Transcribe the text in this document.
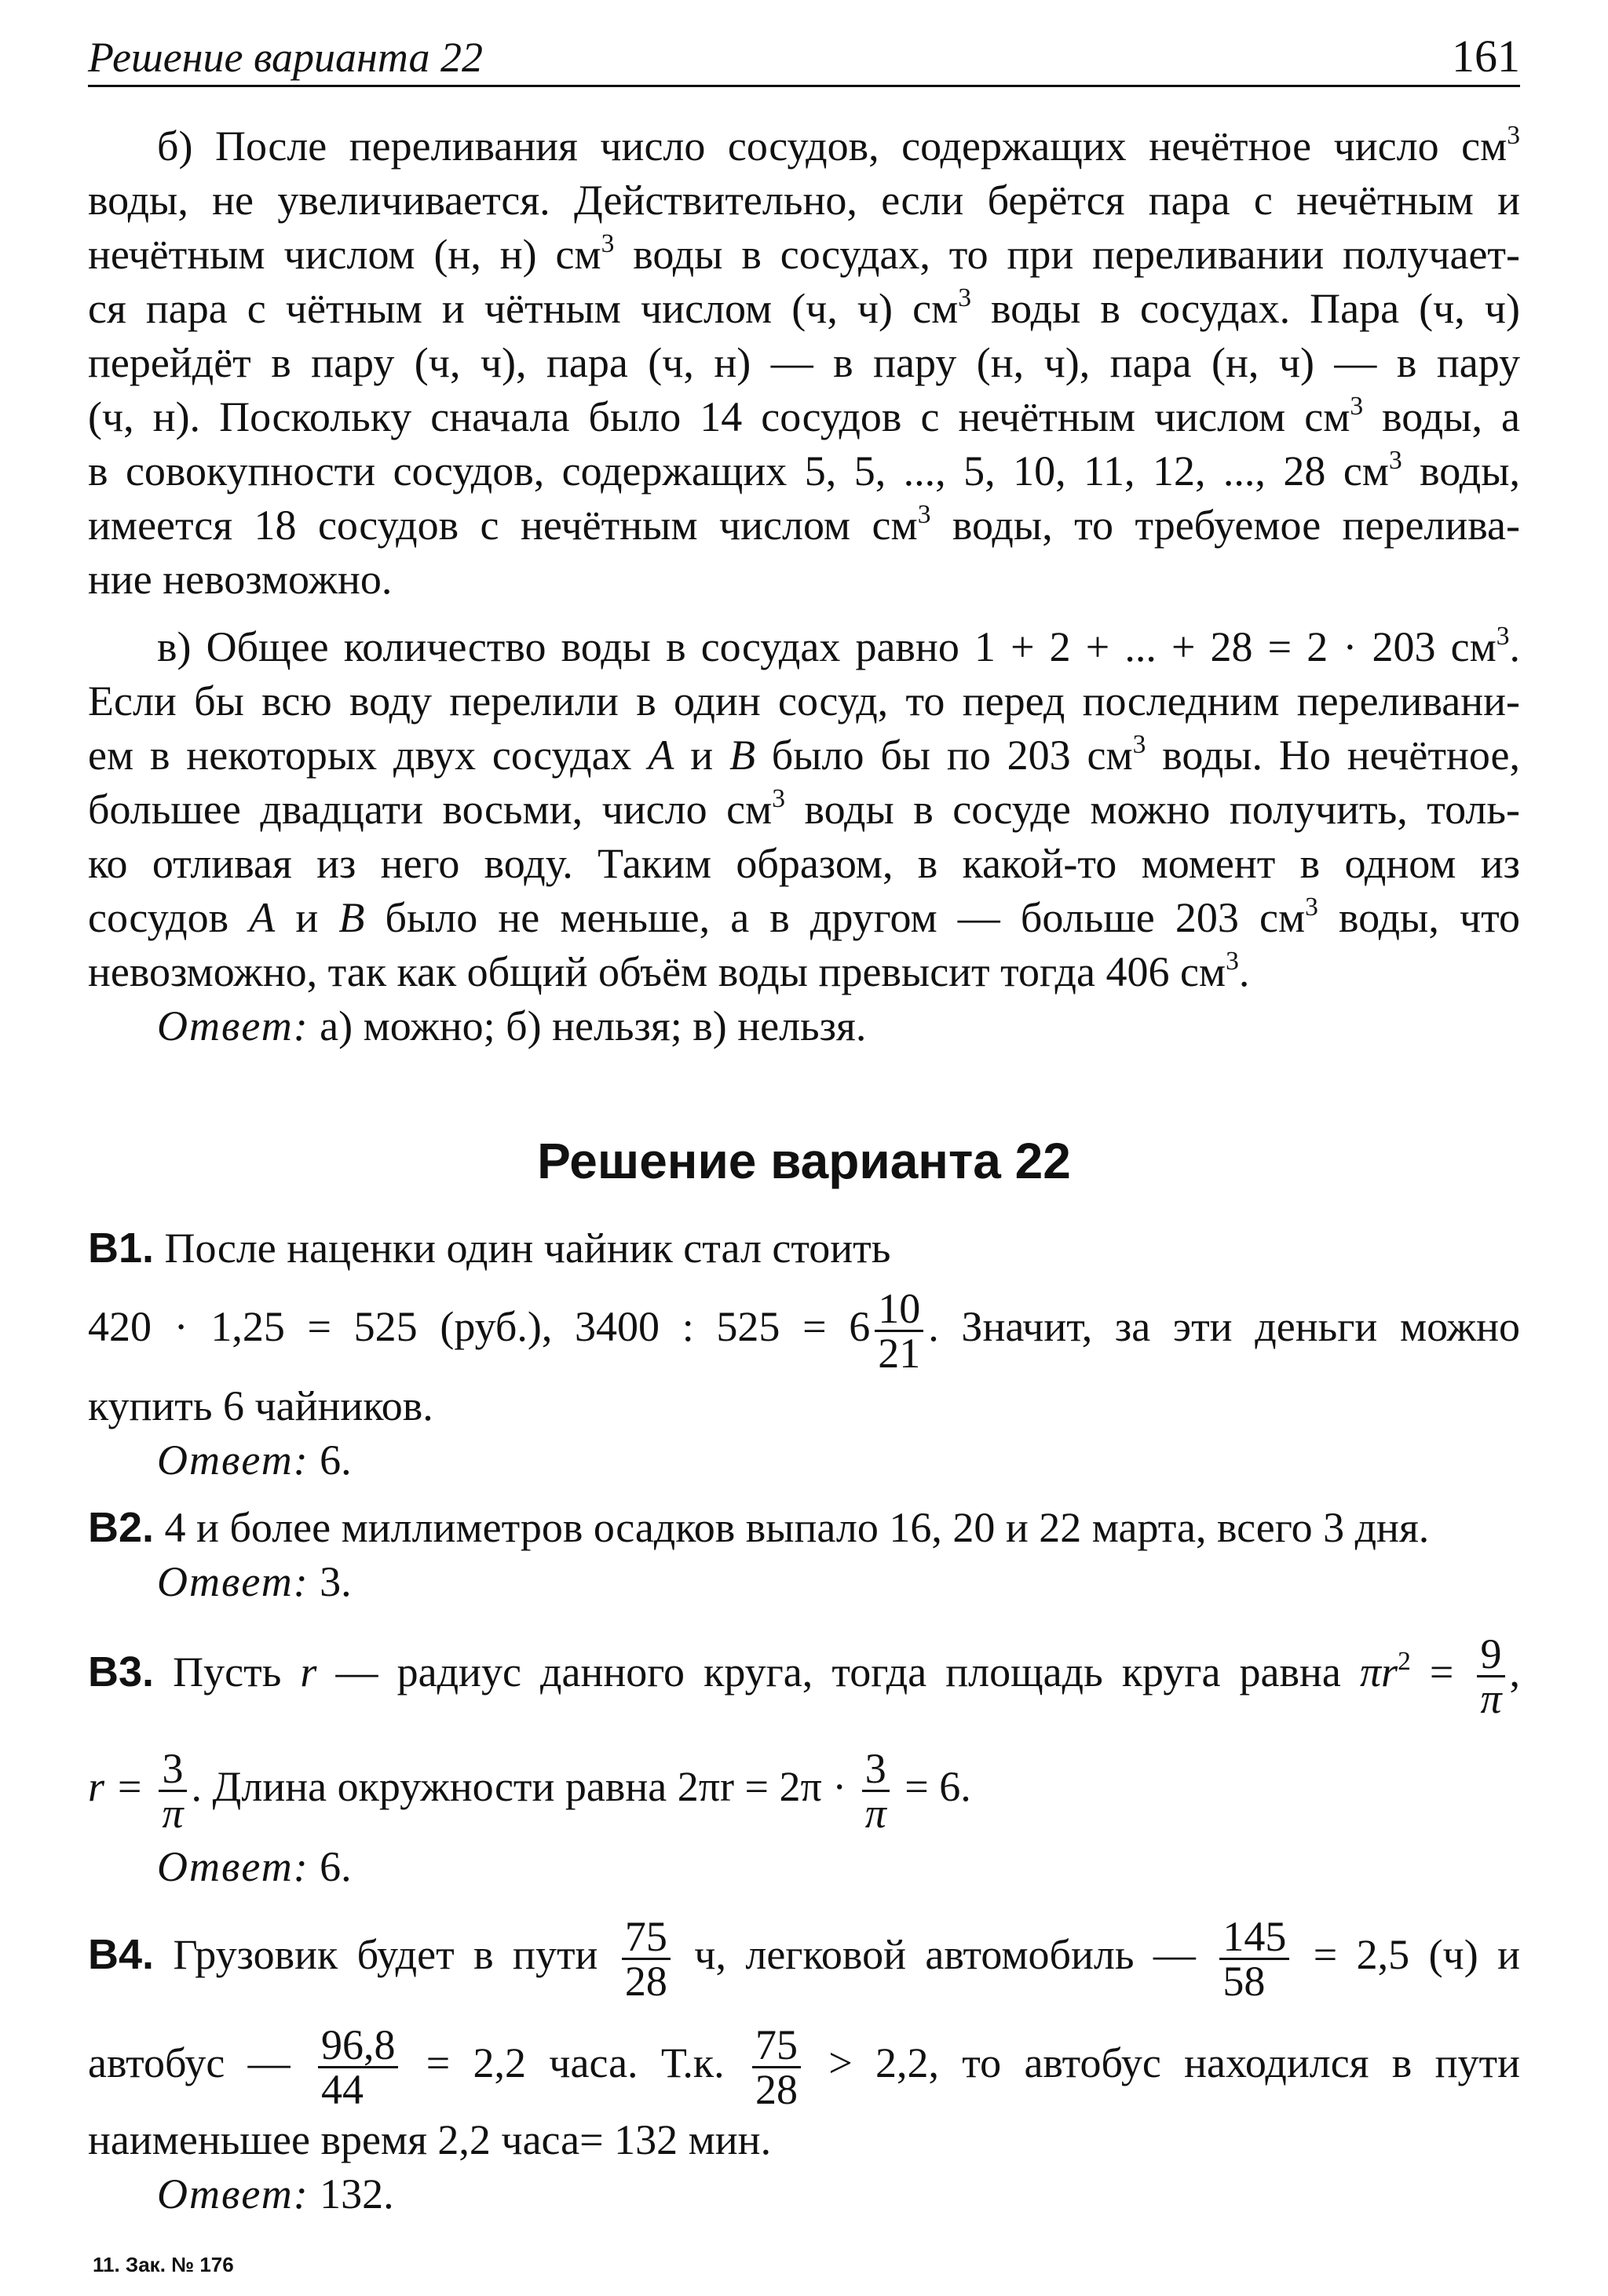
Решение варианта 22	161
б) После переливания число сосудов, содержащих нечётное число $см^3$
воды, не увеличивается. Действительно, если берётся пара с нечётным и
нечётным числом (н, н) $см^3$ воды в сосудах, то при переливании получает-
ся пара с чётным и чётным числом (ч, ч) $см^3$ воды в сосудах. Пара (ч, ч)
перейдёт в пару (ч, ч), пара (ч, н) — в пару (н, ч), пара (н, ч) — в пару
(ч, н). Поскольку сначала было 14 сосудов с нечётным числом $см^3$ воды, а
в совокупности сосудов, содержащих 5, 5, ..., 5, 10, 11, 12, ..., 28 $см^3$ воды,
имеется 18 сосудов с нечётным числом $см^3$ воды, то требуемое перелива-
ние невозможно.
в) Общее количество воды в сосудах равно 1 + 2 + ... + 28 = 2 · 203 $см^3$.
Если бы всю воду перелили в один сосуд, то перед последним переливани-
ем в некоторых двух сосудах A и B было бы по 203 $см^3$ воды. Но нечётное,
большее двадцати восьми, число $см^3$ воды в сосуде можно получить, толь-
ко отливая из него воду. Таким образом, в какой-то момент в одном из
сосудов A и B было не меньше, а в другом — больше 203 $см^3$ воды, что
невозможно, так как общий объём воды превысит тогда 406 $см^3$.
Ответ: а) можно; б) нельзя; в) нельзя.
Решение варианта 22
B1. После наценки один чайник стал стоить
420 · 1,25 = 525 (руб.), 3400 : $525 = 6 \frac{10}{21}$ . Значит, за эти деньги можно
купить 6 чайников.
Ответ: 6.
B2. 4 и более миллиметров осадков выпало 16, 20 и 22 марта, всего 3 дня.
Ответ: 3.
B3. Пусть r — радиус данного круга, тогда площадь круга равна $\pi r^2 = \frac{9}{\pi}$ ,
$r = \frac{3}{\pi}$ . Длина окружности равна $2\pi r = 2\pi \cdot \frac{3}{\pi} = 6$.
Ответ: 6.
B4. Грузовик будет в пути $\frac{75}{28} ч$, легковой автомобиль — $\frac{145}{58} = 2,5$ (ч) и
автобус — $\frac{96,8}{44} = 2,2$ часа. Т.к. $\frac{75}{28} > 2,2$, то автобус находился в пути
наименьшее время 2,2 часа= 132 мин.
Ответ: 132.
11. Зак. № 176
